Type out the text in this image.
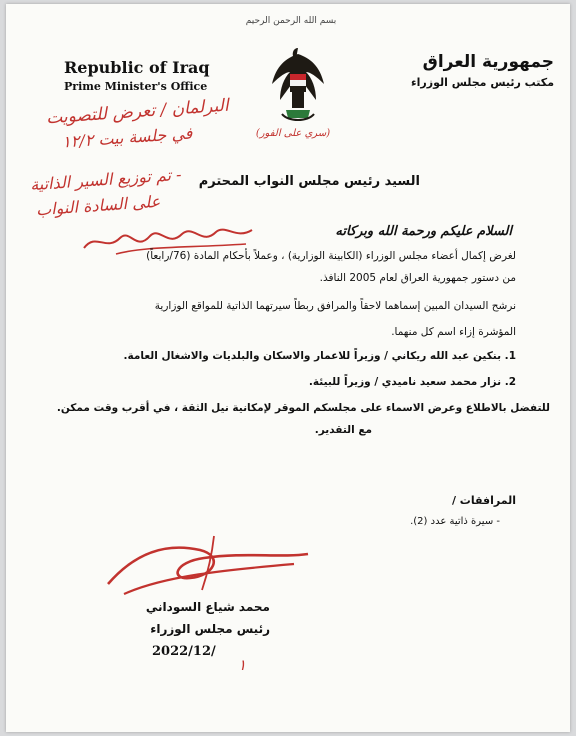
بسم الله الرحمن الرحيم
Republic of Iraq
Prime Minister's Office
جمهورية العراق
مكتب رئيس مجلس الوزراء
(سري على الفور)
البرلمان / تعرض للتصويت
في جلسة بيت ١٢/٢
- تم توزيع السير الذاتية
على السادة النواب
السيد رئيس مجلس النواب المحترم
السلام عليكم ورحمة الله وبركاته
لغرض إكمال أعضاء مجلس الوزراء (الكابينة الوزارية) ، وعملاً بأحكام المادة (76/رابعاً)
من دستور جمهورية العراق لعام 2005 النافذ.
نرشح السيدان المبين إسماهما لاحقاً والمرافق ربطاً سيرتهما الذاتية للمواقع الوزارية
المؤشرة إزاء اسم كل منهما.
1. بنكين عبد الله ريكاني / وزيراً للاعمار والاسكان والبلديات والاشغال العامة.
2. نزار محمد سعيد ناميدي / وزيراً للبيئة.
للتفضل بالاطلاع وعرض الاسماء على مجلسكم الموقر لإمكانية نيل الثقة ، في أقرب وقت ممكن.
مع التقدير.
المرافقات /
- سيرة ذاتية عدد (2).
محمد شياع السوداني
رئيس مجلس الوزراء
2022/12/
١
